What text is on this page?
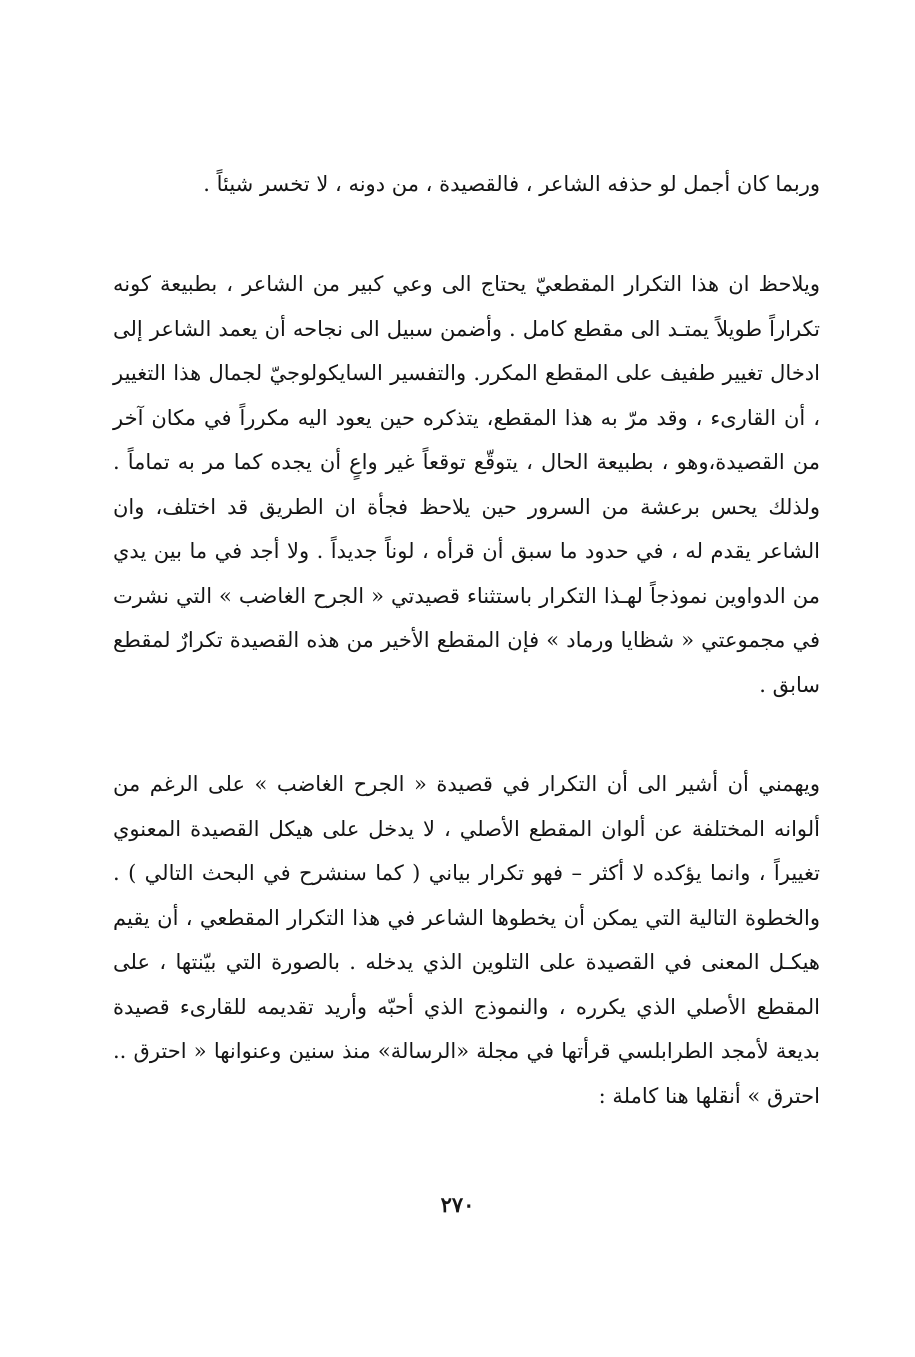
وربما كان أجمل لو حذفه الشاعر ، فالقصيدة ، من دونه ، لا تخسر شيئاً .

ويلاحظ ان هذا التكرار المقطعيّ يحتاج الى وعي كبير من الشاعر ، بطبيعة كونه تكراراً طويلاً يمتـد الى مقطع كامل . وأضمن سبيل الى نجاحه أن يعمد الشاعر إلى ادخال تغيير طفيف على المقطع المكرر. والتفسير السايكولوجيّ لجمال هذا التغيير ، أن القارىء ، وقد مرّ به هذا المقطع، يتذكره حين يعود اليه مكرراً في مكان آخر من القصيدة،وهو ، بطبيعة الحال ، يتوقّع توقعاً غير واعٍ أن يجده كما مر به تماماً . ولذلك يحس برعشة من السرور حين يلاحظ فجأة ان الطريق قد اختلف، وان الشاعر يقدم له ، في حدود ما سبق أن قرأه ، لوناً جديداً . ولا أجد في ما بين يدي من الدواوين نموذجاً لهـذا التكرار باستثناء قصيدتي « الجرح الغاضب » التي نشرت في مجموعتي « شظايا ورماد » فإن المقطع الأخير من هذه القصيدة تكرارٌ لمقطع سابق .

ويهمني أن أشير الى أن التكرار في قصيدة « الجرح الغاضب » على الرغم من ألوانه المختلفة عن ألوان المقطع الأصلي ، لا يدخل على هيكل القصيدة المعنوي تغييراً ، وانما يؤكده لا أكثر – فهو تكرار بياني ( كما سنشرح في البحث التالي ) . والخطوة التالية التي يمكن أن يخطوها الشاعر في هذا التكرار المقطعي ، أن يقيم هيكـل المعنى في القصيدة على التلوين الذي يدخله . بالصورة التي بيّنتها ، على المقطع الأصلي الذي يكرره ، والنموذج الذي أحبّه وأريد تقديمه للقارىء قصيدة بديعة لأمجد الطرابلسي قرأتها في مجلة «الرسالة» منذ سنين وعنوانها « احترق .. احترق » أنقلها هنا كاملة :

٢٧٠
